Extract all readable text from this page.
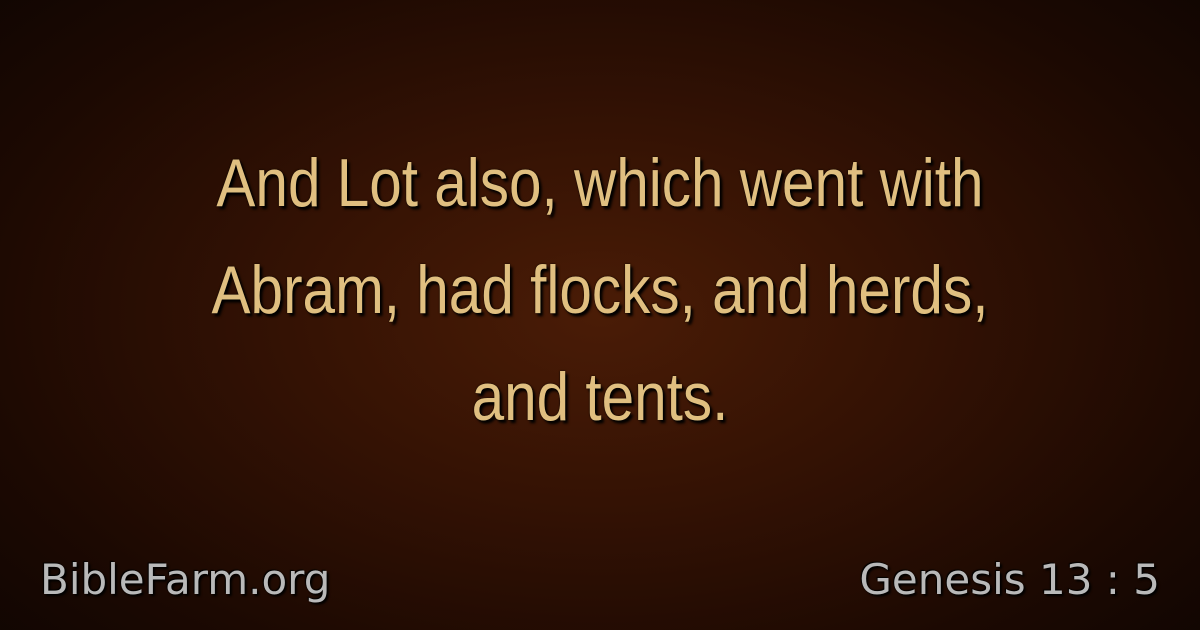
And Lot also, which went with
Abram, had flocks, and herds,
and tents.
BibleFarm.org	Genesis 13 : 5
